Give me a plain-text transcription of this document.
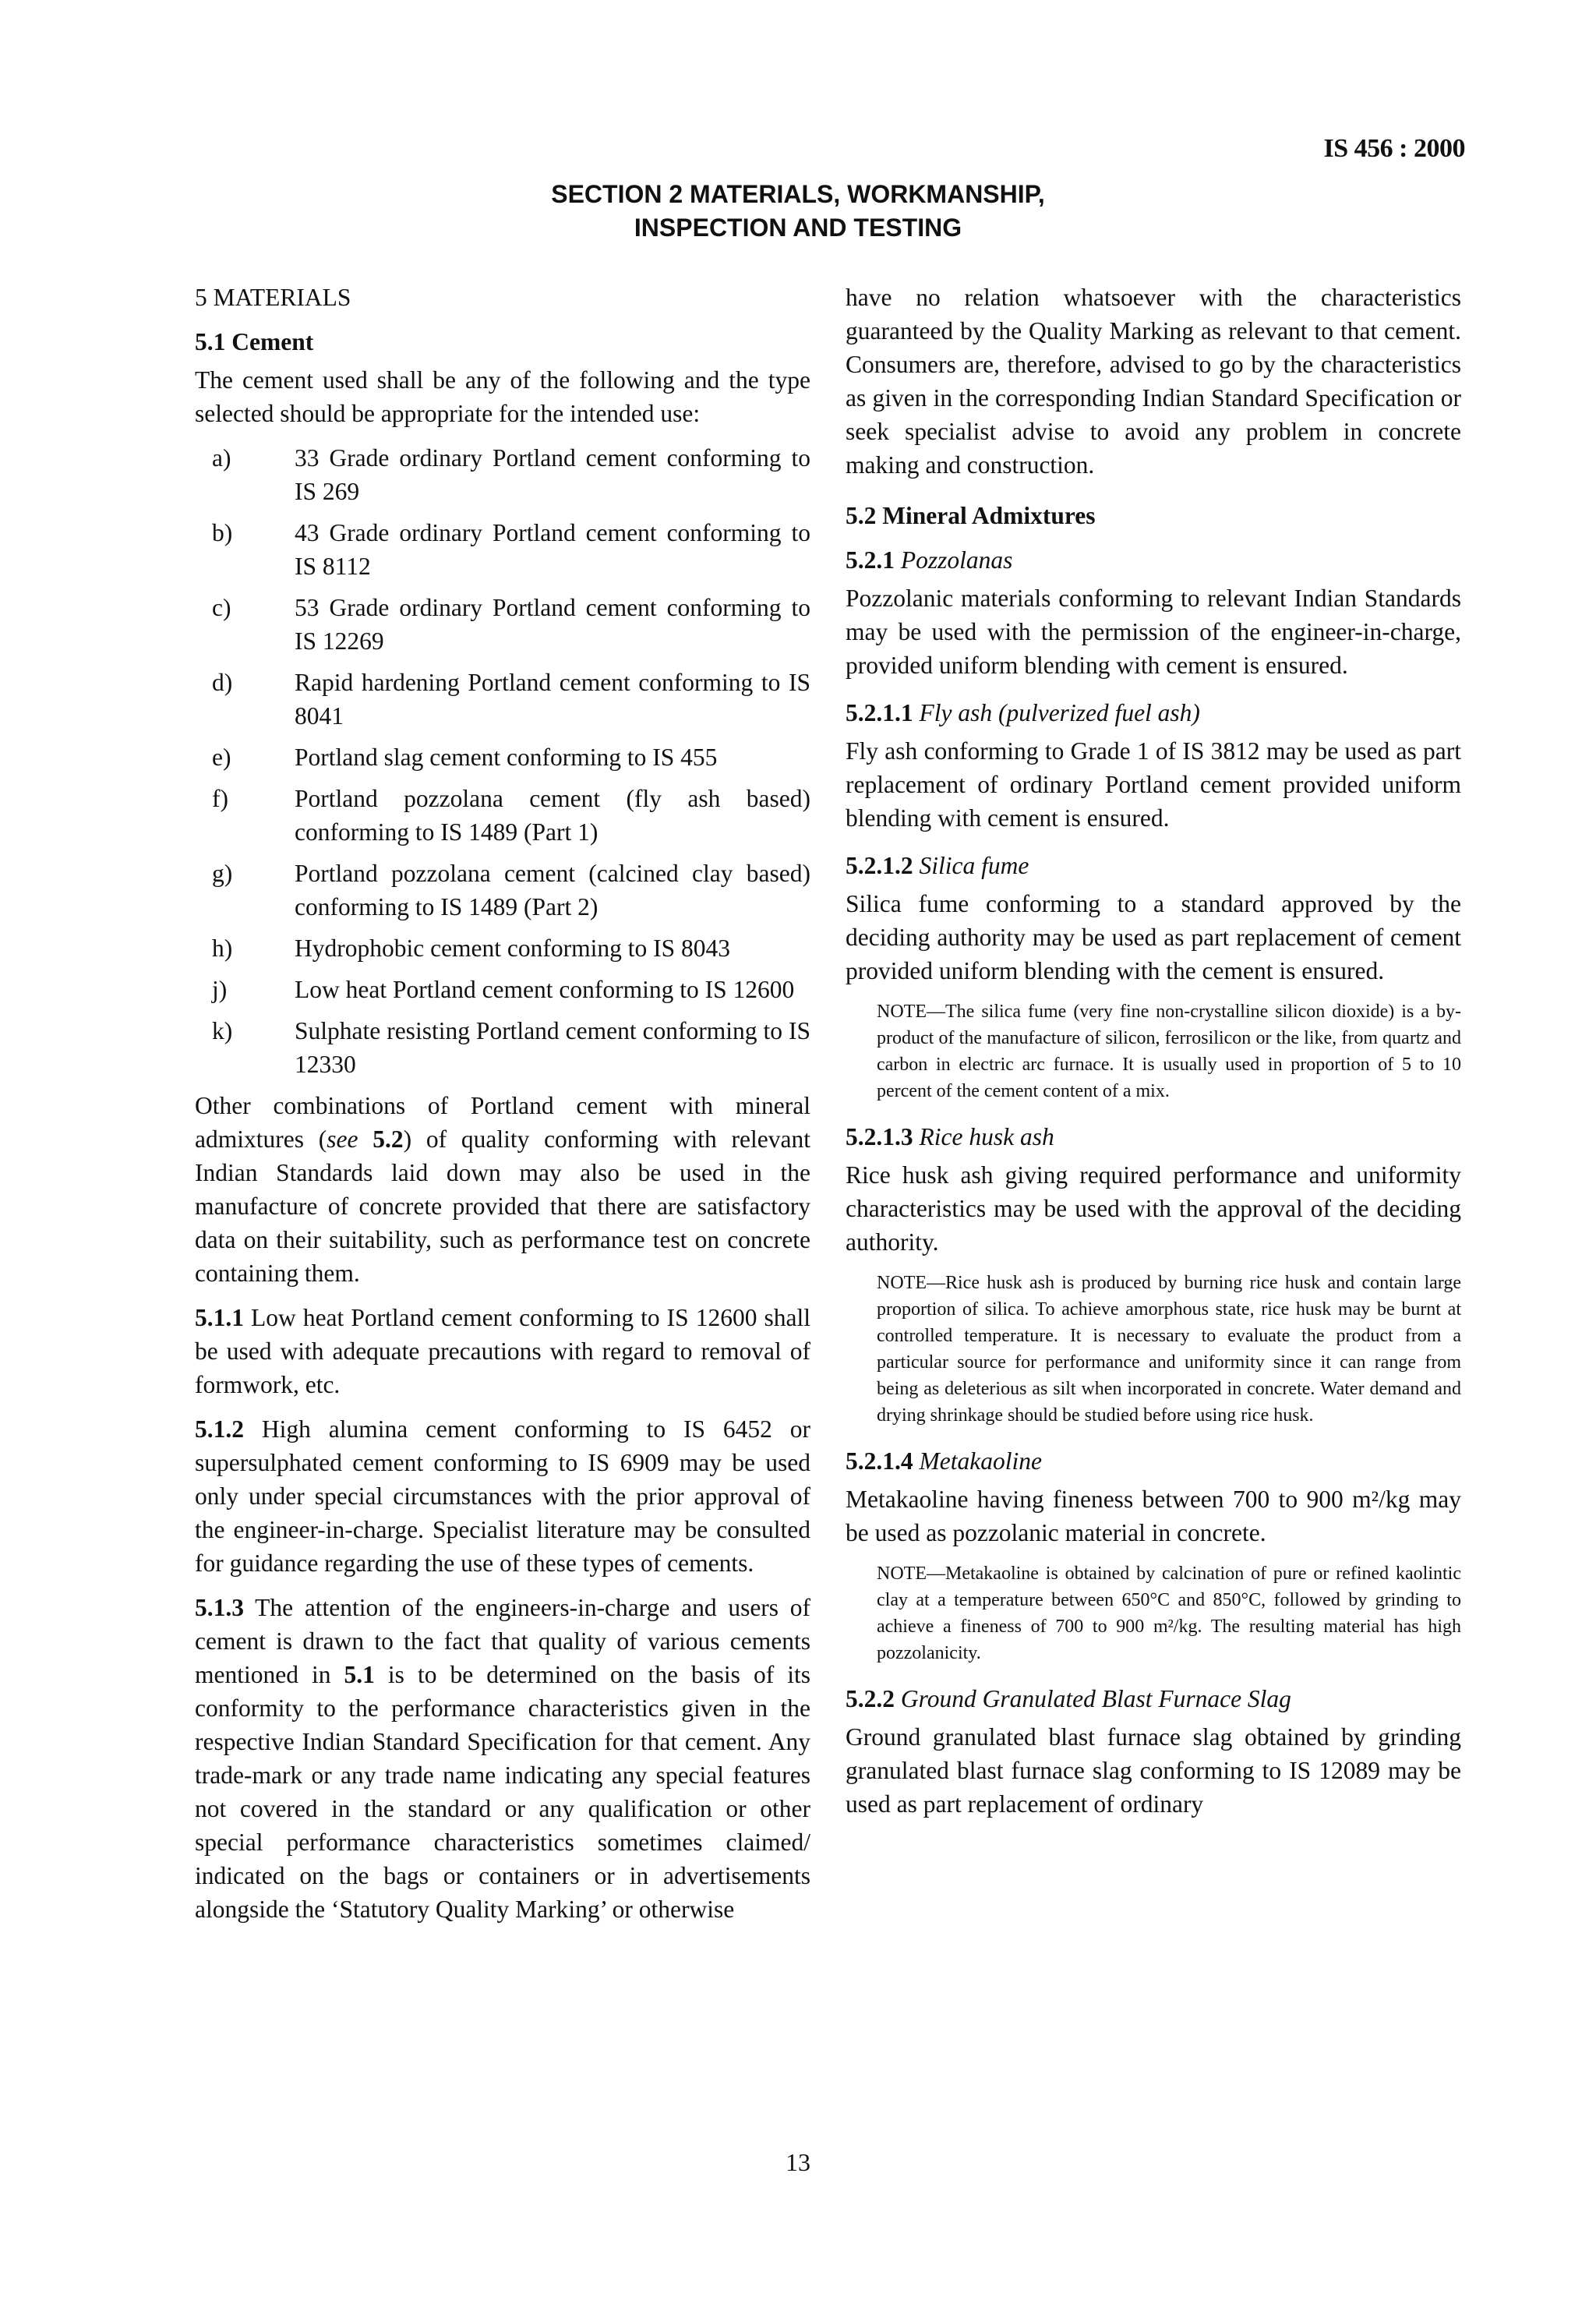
IS 456 : 2000
SECTION 2 MATERIALS, WORKMANSHIP,
INSPECTION AND TESTING
5 MATERIALS
5.1 Cement

The cement used shall be any of the following and the type selected should be appropriate for the intended use:

a)	33 Grade ordinary Portland cement conforming to IS 269
b)	43 Grade ordinary Portland cement conforming to IS 8112
c)	53 Grade ordinary Portland cement conforming to IS 12269
d)	Rapid hardening Portland cement conforming to IS 8041
e)	Portland slag cement conforming to IS 455
f)	Portland pozzolana cement (fly ash based) conforming to IS 1489 (Part 1)
g)	Portland pozzolana cement (calcined clay based) conforming to IS 1489 (Part 2)
h)	Hydrophobic cement conforming to IS 8043
j)	Low heat Portland cement conforming to IS 12600
k)	Sulphate resisting Portland cement conforming to IS 12330

Other combinations of Portland cement with mineral admixtures (see 5.2) of quality conforming with relevant Indian Standards laid down may also be used in the manufacture of concrete provided that there are satisfactory data on their suitability, such as performance test on concrete containing them.

5.1.1 Low heat Portland cement conforming to IS 12600 shall be used with adequate precautions with regard to removal of formwork, etc.

5.1.2 High alumina cement conforming to IS 6452 or supersulphated cement conforming to IS 6909 may be used only under special circumstances with the prior approval of the engineer-in-charge. Specialist literature may be consulted for guidance regarding the use of these types of cements.

5.1.3 The attention of the engineers-in-charge and users of cement is drawn to the fact that quality of various cements mentioned in 5.1 is to be determined on the basis of its conformity to the performance characteristics given in the respective Indian Standard Specification for that cement. Any trade-mark or any trade name indicating any special features not covered in the standard or any qualification or other special performance characteristics sometimes claimed/ indicated on the bags or containers or in advertisements alongside the ‘Statutory Quality Marking’ or otherwise

have no relation whatsoever with the characteristics guaranteed by the Quality Marking as relevant to that cement. Consumers are, therefore, advised to go by the characteristics as given in the corresponding Indian Standard Specification or seek specialist advise to avoid any problem in concrete making and construction.

5.2 Mineral Admixtures
5.2.1 Pozzolanas

Pozzolanic materials conforming to relevant Indian Standards may be used with the permission of the engineer-in-charge, provided uniform blending with cement is ensured.

5.2.1.1 Fly ash (pulverized fuel ash)

Fly ash conforming to Grade 1 of IS 3812 may be used as part replacement of ordinary Portland cement provided uniform blending with cement is ensured.

5.2.1.2 Silica fume

Silica fume conforming to a standard approved by the deciding authority may be used as part replacement of cement provided uniform blending with the cement is ensured.

NOTE—The silica fume (very fine non-crystalline silicon dioxide) is a by-product of the manufacture of silicon, ferrosilicon or the like, from quartz and carbon in electric arc furnace. It is usually used in proportion of 5 to 10 percent of the cement content of a mix.
5.2.1.3 Rice husk ash

Rice husk ash giving required performance and uniformity characteristics may be used with the approval of the deciding authority.

NOTE—Rice husk ash is produced by burning rice husk and contain large proportion of silica. To achieve amorphous state, rice husk may be burnt at controlled temperature. It is necessary to evaluate the product from a particular source for performance and uniformity since it can range from being as deleterious as silt when incorporated in concrete. Water demand and drying shrinkage should be studied before using rice husk.
5.2.1.4 Metakaoline

Metakaoline having fineness between 700 to 900 m²/kg may be used as pozzolanic material in concrete.

NOTE—Metakaoline is obtained by calcination of pure or refined kaolintic clay at a temperature between 650°C and 850°C, followed by grinding to achieve a fineness of 700 to 900 m²/kg. The resulting material has high pozzolanicity.
5.2.2 Ground Granulated Blast Furnace Slag

Ground granulated blast furnace slag obtained by grinding granulated blast furnace slag conforming to IS 12089 may be used as part replacement of ordinary

13
